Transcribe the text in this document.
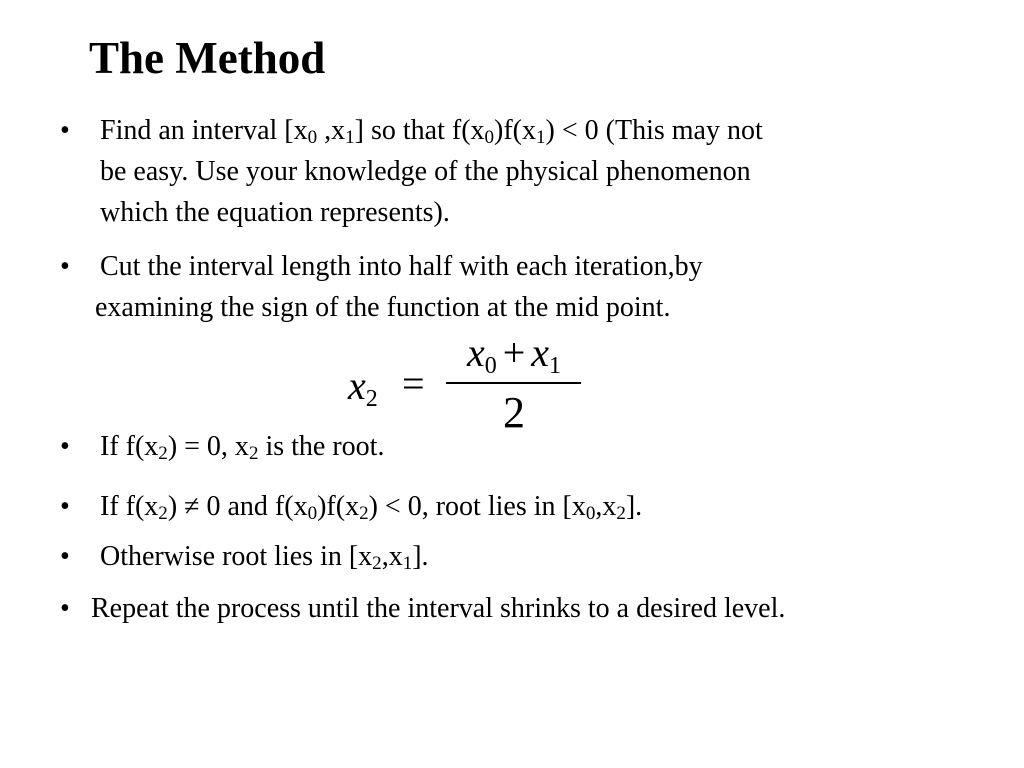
The Method
• Find an interval [$x_0$ $,x_1$] so that $f(x_0)f(x_1) < 0$ (This may not
be easy. Use your knowledge of the physical phenomenon
which the equation represents).
• Cut the interval length into half with each iteration,by
examining the sign of the function at the mid point.
$x_2$ =
$x_0 + x_1$
2
• If $f(x_2) = 0$, $x_2$ is the root.
• If $f(x_2) \ne 0$ and $f(x_0)f(x_2) < 0$, root lies in $[x_0,x_2]$.
• Otherwise root lies in $[x_2,x_1]$.
• Repeat the process until the interval shrinks to a desired level.
